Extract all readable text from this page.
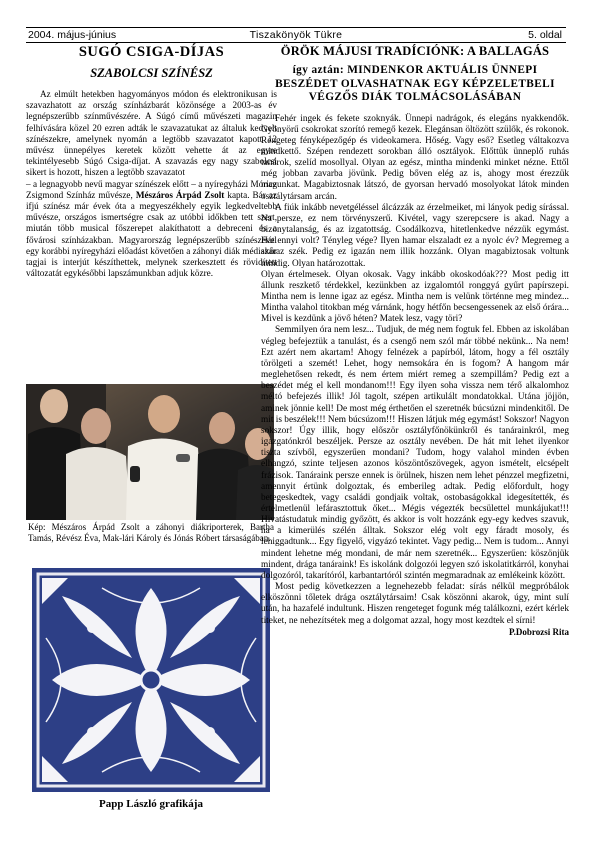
2004. május-június	Tiszakönyök Tükre	5. oldal
SUGÓ CSIGA-DÍJAS
SZABOLCSI SZÍNÉSZ

Az elmúlt hetekben hagyományos módon és elektronikusan is szavazhatott az ország színházbarát közönsége a 2003-as év legnépszerűbb színművészére. A Súgó című művészeti magazin felhívására közel 20 ezren adták le szavazatukat az általuk kedvelt színészekre, amelynek nyomán a legtöbb szavazatot kapott 12 művész ünnepélyes keretek között vehette át az egyre tekintélyesebb Súgó Csiga-díjat. A szavazás egy nagy szabolcsi sikert is hozott, hiszen a legtöbb szavazatot

– a legnagyobb nevű magyar színészek előtt – a nyíregyházi Móricz Zsigmond Színház művésze, Mészáros Árpád Zsolt kapta. Bár az ifjú színész már évek óta a megyeszékhely egyik legkedveltebb művésze, országos ismertségre csak az utóbbi időkben tett szert, miután több musical főszerepet alakíthatott a debreceni és a fővárosi színházakban. Magyarország legnépszerűbb színészével egy korábbi nyíregyházi előadást követően a záhonyi diák médiakör tagjai is interjút készíthettek, melynek szerkesztett és rövidített változatát egykésőbbi lapszámunkban adjuk közre.

Kép: Mészáros Árpád Zsolt a záhonyi diákriporterek, Bartha Tamás, Révész Éva, Mak-lári Károly és Jónás Róbert társaságában.
Papp László grafikája
ÖRÖK MÁJUSI TRADÍCIÓNK: A BALLAGÁS
így aztán: MINDENKOR AKTUÁLIS ÜNNEPI BESZÉDET OLVASHATNAK EGY KÉPZELETBELI VÉGZŐS DIÁK TOLMÁCSOLÁSÁBAN

Fehér ingek és fekete szoknyák. Ünnepi nadrágok, és elegáns nyakkendők. Gyönyörű csokrokat szorító remegő kezek. Elegánsan öltözött szülők, és rokonok. Rengeteg fényképezőgép és videokamera. Hőség. Vagy eső? Esetleg váltakozva mindkettő. Szépen rendezett sorokban álló osztályok. Előttük ünneplő ruhás tanárok, szelíd mosollyal. Olyan az egész, mintha mindenki minket nézne. Ettől még jobban zavarba jövünk. Pedig bőven elég az is, ahogy most érezzük magunkat. Magabiztosnak látszó, de gyorsan hervadó mosolyokat látok minden osztálytársam arcán.

A fiúk inkább nevetgéléssel álcázzák az érzelmeiket, mi lányok pedig sírással. Na persze, ez nem törvényszerű. Kivétel, vagy szerepcsere is akad. Nagy a bizonytalanság, és az izgatottság. Csodálkozva, hitetlenkedve nézzük egymást. Hát ennyi volt? Tényleg vége? Ilyen hamar elszaladt ez a nyolc év? Megremeg a száraz szék. Pedig ez igazán nem illik hozzánk. Olyan magabiztosak voltunk mindig. Olyan határozottak.

Olyan értelmesek. Olyan okosak. Vagy inkább okoskodóak??? Most pedig itt állunk reszkető térdekkel, kezünkben az izgalomtól ronggyá gyűrt papírszepi. Mintha nem is lenne igaz az egész. Mintha nem is velünk történne meg mindez... Mintha valahol titokban még várnánk, hogy hétfőn becsengessenek az első órára... Mivel is kezdünk a jövő héten? Matek lesz, vagy töri?

Semmilyen óra nem lesz... Tudjuk, de még nem fogtuk fel. Ebben az iskolában végleg befejeztük a tanulást, és a csengő nem szól már többé nekünk... Na nem! Ezt azért nem akartam! Ahogy felnézek a papírból, látom, hogy a fél osztály törölgeti a szemét! Lehet, hogy nemsokára én is fogom? A hangom már meglehetősen rekedt, és nem értem miért remeg a szempillám? Pedig ezt a beszédet még el kell mondanom!!! Egy ilyen soha vissza nem térő alkalomhoz méltó befejezés illik! Jól tagolt, szépen artikulált mondatokkal. Utána jöjjön, aminek jönnie kell! De most még érthetően el szeretnék búcsúzni mindenkitől. De mit is beszélek!!! Nem búcsúzom!!! Hiszen látjuk még egymást! Sokszor! Nagyon sokszor! Úgy illik, hogy először osztályfőnökünkről és tanárainkról, meg igazgatónkról beszéljek. Persze az osztály nevében. De hát mit lehet ilyenkor tiszta szívből, egyszerűen mondani? Tudom, hogy valahol minden évben elhangzó, szinte teljesen azonos köszöntőszövegek, agyon ismételt, elcsépelt frázisok. Tanáraink persze ennek is örülnek, hiszen nem lehet pénzzel megfizetni, amennyit értünk dolgoztak, és emberileg adtak. Pedig előfordult, hogy betegeskedtek, vagy családi gondjaik voltak, ostobaságokkal idegesítették, és értelmetlenül lefárasztottuk őket... Mégis végezték becsülettel munkájukat!!! Hivatástudatuk mindig győzött, és akkor is volt hozzánk egy-egy kedves szavuk, ha a kimerülés szélén álltak. Sokszor elég volt egy fáradt mosoly, és lehiggadtunk... Egy figyelő, vigyázó tekintet. Vagy pedig... Nem is tudom... Annyi mindent lehetne még mondani, de már nem szeretnék... Egyszerűen: köszönjük mindent, drága tanáraink! Es iskolánk dolgozói legyen szó iskolatitkárról, konyhai dolgozóról, takarítóról, karbantartóról szintén megmaradnak az emlékeink között.

Most pedig következzen a legnehezebb feladat: sírás nélkül megpróbálok elköszönni tőletek drága osztálytársaim! Csak köszönni akarok, úgy, mint sulí után, ha hazafelé indultunk. Hiszen rengeteget fogunk még találkozni, ezért kérlek titeket, ne nehezítsétek meg a dolgomat azzal, hogy most kezdtek el sírni!

P.Dobrozsi Rita
